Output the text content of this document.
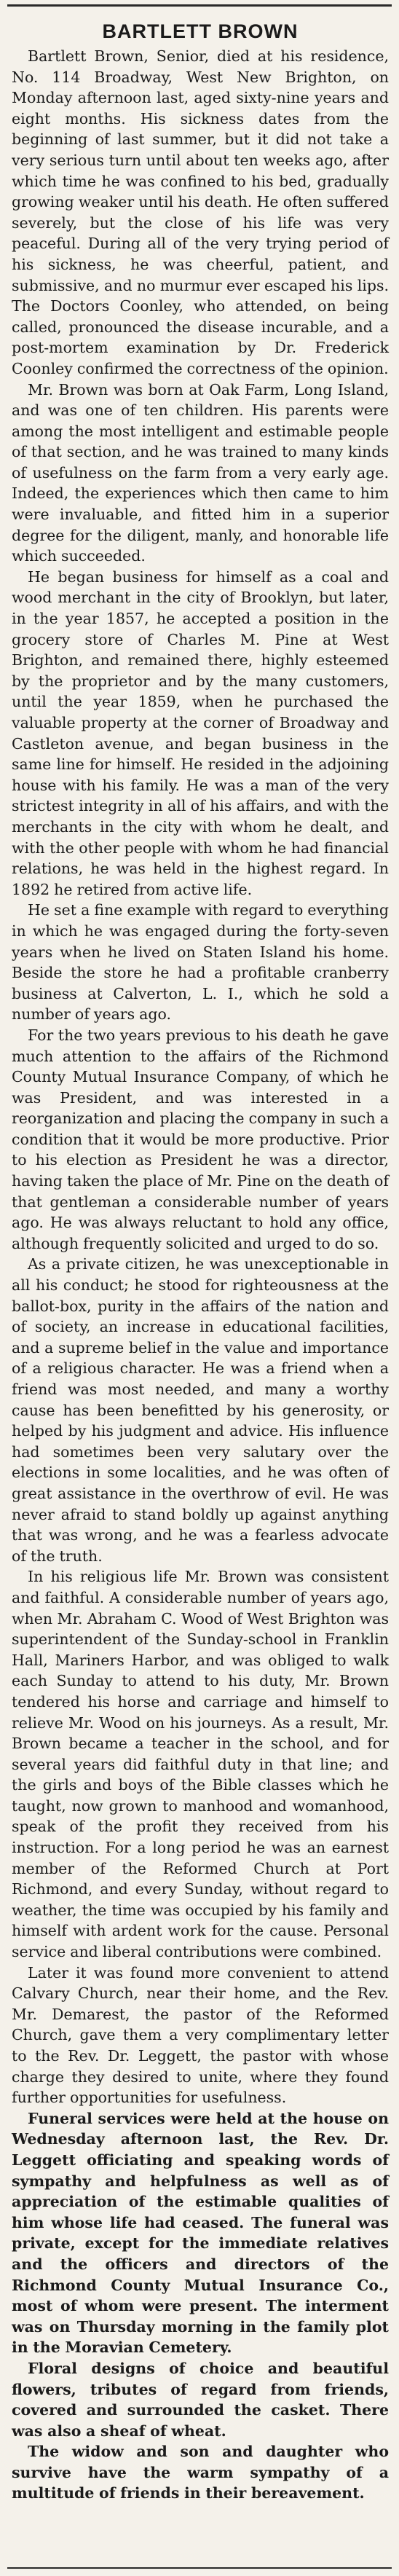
BARTLETT BROWN

Bartlett Brown, Senior, died at his residence, No. 114 Broadway, West New Brighton, on Monday afternoon last, aged sixty-nine years and eight months. His sickness dates from the beginning of last summer, but it did not take a very serious turn until about ten weeks ago, after which time he was confined to his bed, gradually growing weaker until his death. He often suffered severely, but the close of his life was very peaceful. During all of the very trying period of his sickness, he was cheerful, patient, and submissive, and no murmur ever escaped his lips. The Doctors Coonley, who attended, on being called, pronounced the disease incurable, and a post-mortem examination by Dr. Frederick Coonley confirmed the correctness of the opinion.

Mr. Brown was born at Oak Farm, Long Island, and was one of ten children. His parents were among the most intelligent and estimable people of that section, and he was trained to many kinds of usefulness on the farm from a very early age. Indeed, the experiences which then came to him were invaluable, and fitted him in a superior degree for the diligent, manly, and honorable life which succeeded.

He began business for himself as a coal and wood merchant in the city of Brooklyn, but later, in the year 1857, he accepted a position in the grocery store of Charles M. Pine at West Brighton, and remained there, highly esteemed by the proprietor and by the many customers, until the year 1859, when he purchased the valuable property at the corner of Broadway and Castleton avenue, and began business in the same line for himself. He resided in the adjoining house with his family. He was a man of the very strictest integrity in all of his affairs, and with the merchants in the city with whom he dealt, and with the other people with whom he had financial relations, he was held in the highest regard. In 1892 he retired from active life.

He set a fine example with regard to everything in which he was engaged during the forty-seven years when he lived on Staten Island his home. Beside the store he had a profitable cranberry business at Calverton, L. I., which he sold a number of years ago.

For the two years previous to his death he gave much attention to the affairs of the Richmond County Mutual Insurance Company, of which he was President, and was interested in a reorganization and placing the company in such a condition that it would be more productive. Prior to his election as President he was a director, having taken the place of Mr. Pine on the death of that gentleman a considerable number of years ago. He was always reluctant to hold any office, although frequently solicited and urged to do so.

As a private citizen, he was unexceptionable in all his conduct; he stood for righteousness at the ballot-box, purity in the affairs of the nation and of society, an increase in educational facilities, and a supreme belief in the value and importance of a religious character. He was a friend when a friend was most needed, and many a worthy cause has been benefitted by his generosity, or helped by his judgment and advice. His influence had sometimes been very salutary over the elections in some localities, and he was often of great assistance in the overthrow of evil. He was never afraid to stand boldly up against anything that was wrong, and he was a fearless advocate of the truth.

In his religious life Mr. Brown was consistent and faithful. A considerable number of years ago, when Mr. Abraham C. Wood of West Brighton was superintendent of the Sunday-school in Franklin Hall, Mariners Harbor, and was obliged to walk each Sunday to attend to his duty, Mr. Brown tendered his horse and carriage and himself to relieve Mr. Wood on his journeys. As a result, Mr. Brown became a teacher in the school, and for several years did faithful duty in that line; and the girls and boys of the Bible classes which he taught, now grown to manhood and womanhood, speak of the profit they received from his instruction. For a long period he was an earnest member of the Reformed Church at Port Richmond, and every Sunday, without regard to weather, the time was occupied by his family and himself with ardent work for the cause. Personal service and liberal contributions were combined.

Later it was found more convenient to attend Calvary Church, near their home, and the Rev. Mr. Demarest, the pastor of the Reformed Church, gave them a very complimentary letter to the Rev. Dr. Leggett, the pastor with whose charge they desired to unite, where they found further opportunities for usefulness.

Funeral services were held at the house on Wednesday afternoon last, the Rev. Dr. Leggett officiating and speaking words of sympathy and helpfulness as well as of appreciation of the estimable qualities of him whose life had ceased. The funeral was private, except for the immediate relatives and the officers and directors of the Richmond County Mutual Insurance Co., most of whom were present. The interment was on Thursday morning in the family plot in the Moravian Cemetery.

Floral designs of choice and beautiful flowers, tributes of regard from friends, covered and surrounded the casket. There was also a sheaf of wheat.

The widow and son and daughter who survive have the warm sympathy of a multitude of friends in their bereavement.
